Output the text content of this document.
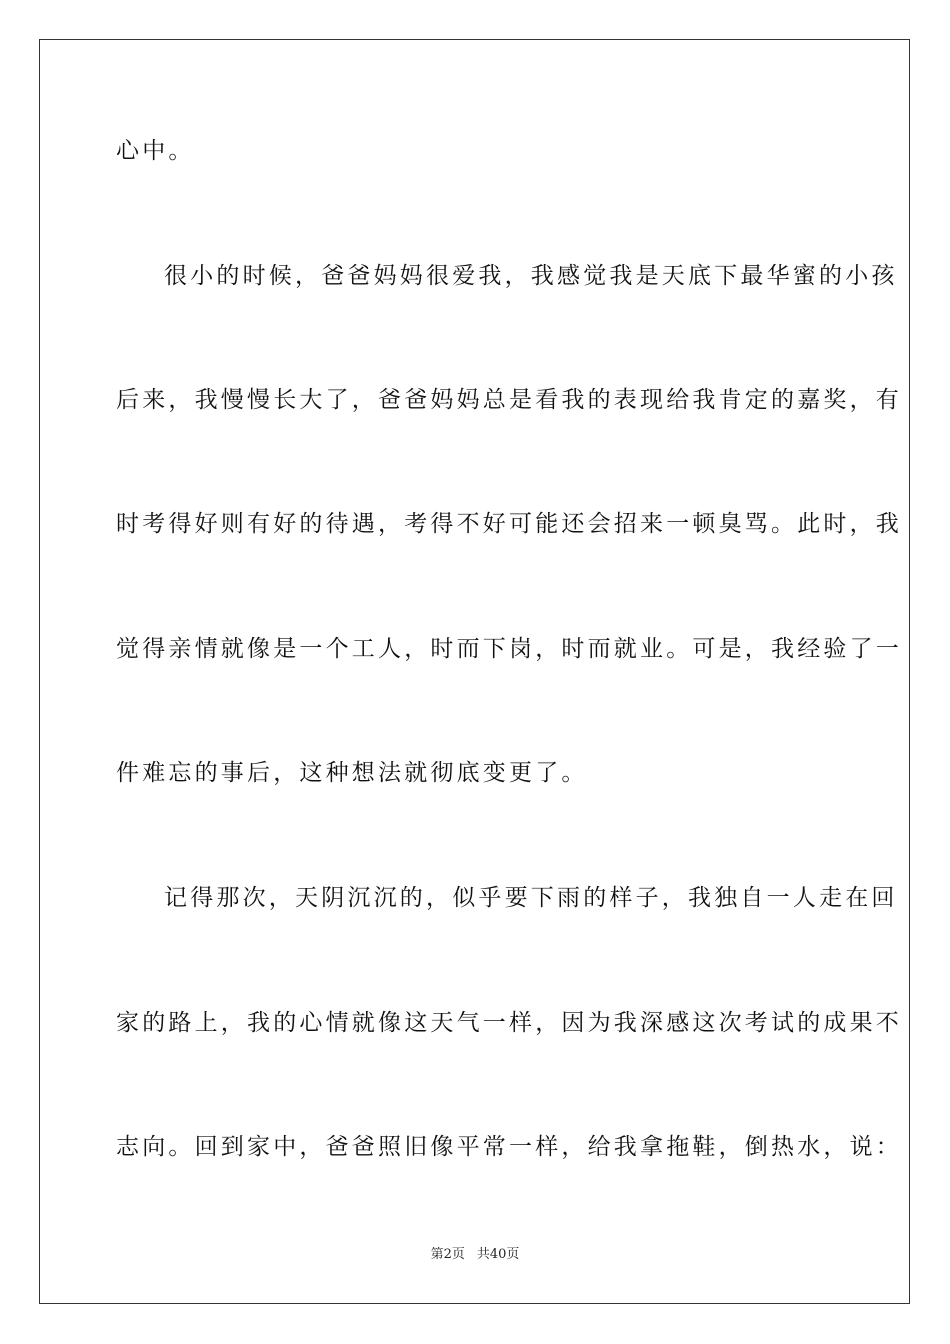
心中。
很小的时候，爸爸妈妈很爱我，我感觉我是天底下最华蜜的小孩
后来，我慢慢长大了，爸爸妈妈总是看我的表现给我肯定的嘉奖，有
时考得好则有好的待遇，考得不好可能还会招来一顿臭骂。此时，我
觉得亲情就像是一个工人，时而下岗，时而就业。可是，我经验了一
件难忘的事后，这种想法就彻底变更了。
记得那次，天阴沉沉的，似乎要下雨的样子，我独自一人走在回
家的路上，我的心情就像这天气一样，因为我深感这次考试的成果不
志向。回到家中，爸爸照旧像平常一样，给我拿拖鞋，倒热水，说：
第2页 共40页
